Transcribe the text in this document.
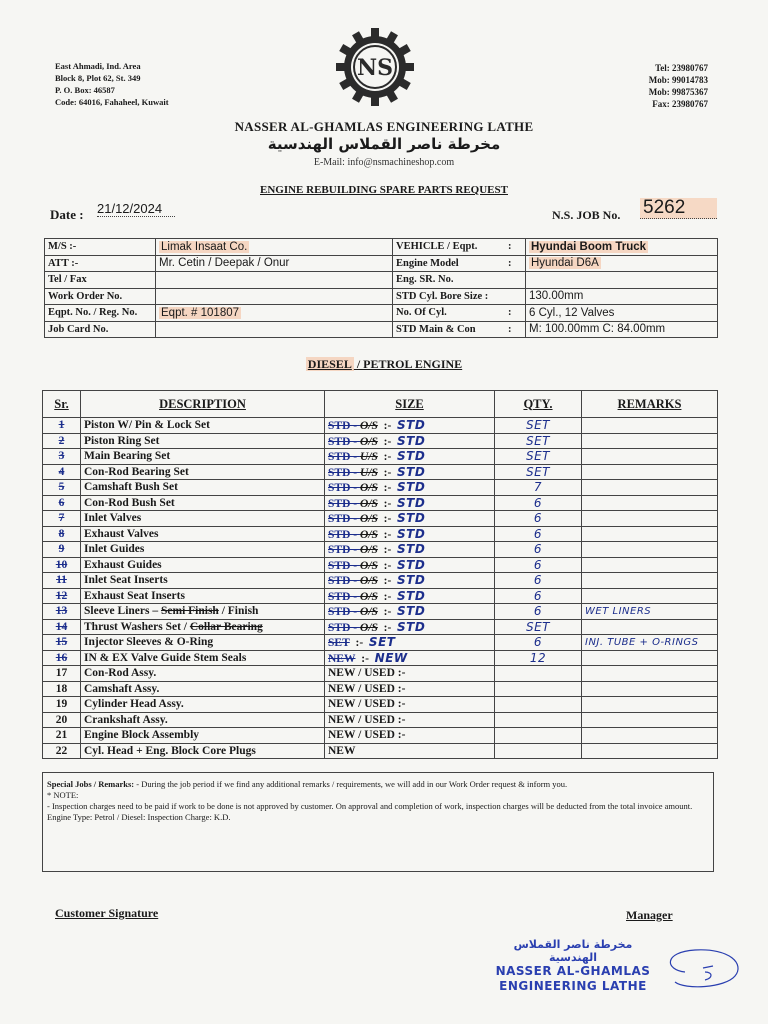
East Ahmadi, Ind. Area
Block 8, Plot 62, St. 349
P. O. Box: 46587
Code: 64016, Fahaheel, Kuwait
Tel: 23980767
Mob: 99014783
Mob: 99875367
Fax: 23980767
NS
NASSER AL-GHAMLAS ENGINEERING LATHE
مخرطة ناصر القملاس الهندسية
E-Mail: info@nsmachineshop.com
ENGINE REBUILDING SPARE PARTS REQUEST
Date : 21/12/2024	N.S. JOB No. 5262
M/S :-	Limak Insaat Co.	VEHICLE / Eqpt.	:	Hyundai Boom Truck
ATT :-	Mr. Cetin / Deepak / Onur	Engine Model	:	Hyundai D6A
Tel / Fax		Eng. SR. No.		
Work Order No.		STD Cyl. Bore Size :		130.00mm
Eqpt. No. / Reg. No.	Eqpt. # 101807	No. Of Cyl.	:	6 Cyl., 12 Valves
Job Card No.		STD Main & Con	:	M: 100.00mm C: 84.00mm
DIESEL / PETROL ENGINE
Sr.	DESCRIPTION	SIZE	QTY.	REMARKS
1	Piston W/ Pin & Lock Set	STD - O/S :- STD	SET	
2	Piston Ring Set	STD - O/S :- STD	SET	
3	Main Bearing Set	STD - U/S :- STD	SET	
4	Con-Rod Bearing Set	STD - U/S :- STD	SET	
5	Camshaft Bush Set	STD - O/S :- STD	7	
6	Con-Rod Bush Set	STD - O/S :- STD	6	
7	Inlet Valves	STD - O/S :- STD	6	
8	Exhaust Valves	STD - O/S :- STD	6	
9	Inlet Guides	STD - O/S :- STD	6	
10	Exhaust Guides	STD - O/S :- STD	6	
11	Inlet Seat Inserts	STD - O/S :- STD	6	
12	Exhaust Seat Inserts	STD - O/S :- STD	6	
13	Sleeve Liners – Semi Finish / Finish	STD - O/S :- STD	6	WET LINERS
14	Thrust Washers Set / Collar Bearing	STD - O/S :- STD	SET	
15	Injector Sleeves & O-Ring	SET :- SET	6	INJ. TUBE + O-RINGS
16	IN & EX Valve Guide Stem Seals	NEW :- NEW	12	
17	Con-Rod Assy.	NEW / USED :-		
18	Camshaft Assy.	NEW / USED :-		
19	Cylinder Head Assy.	NEW / USED :-		
20	Crankshaft Assy.	NEW / USED :-		
21	Engine Block Assembly	NEW / USED :-		
22	Cyl. Head + Eng. Block Core Plugs	NEW		
Special Jobs / Remarks: - During the job period if we find any additional remarks / requirements, we will add in our Work Order request & inform you.
* NOTE:
- Inspection charges need to be paid if work to be done is not approved by customer. On approval and completion of work, inspection charges will be deducted from the total invoice amount.
Engine Type: Petrol / Diesel: Inspection Charge: K.D.
Customer Signature	Manager
مخرطة ناصر القملاس الهندسية
NASSER AL-GHAMLAS
ENGINEERING LATHE
